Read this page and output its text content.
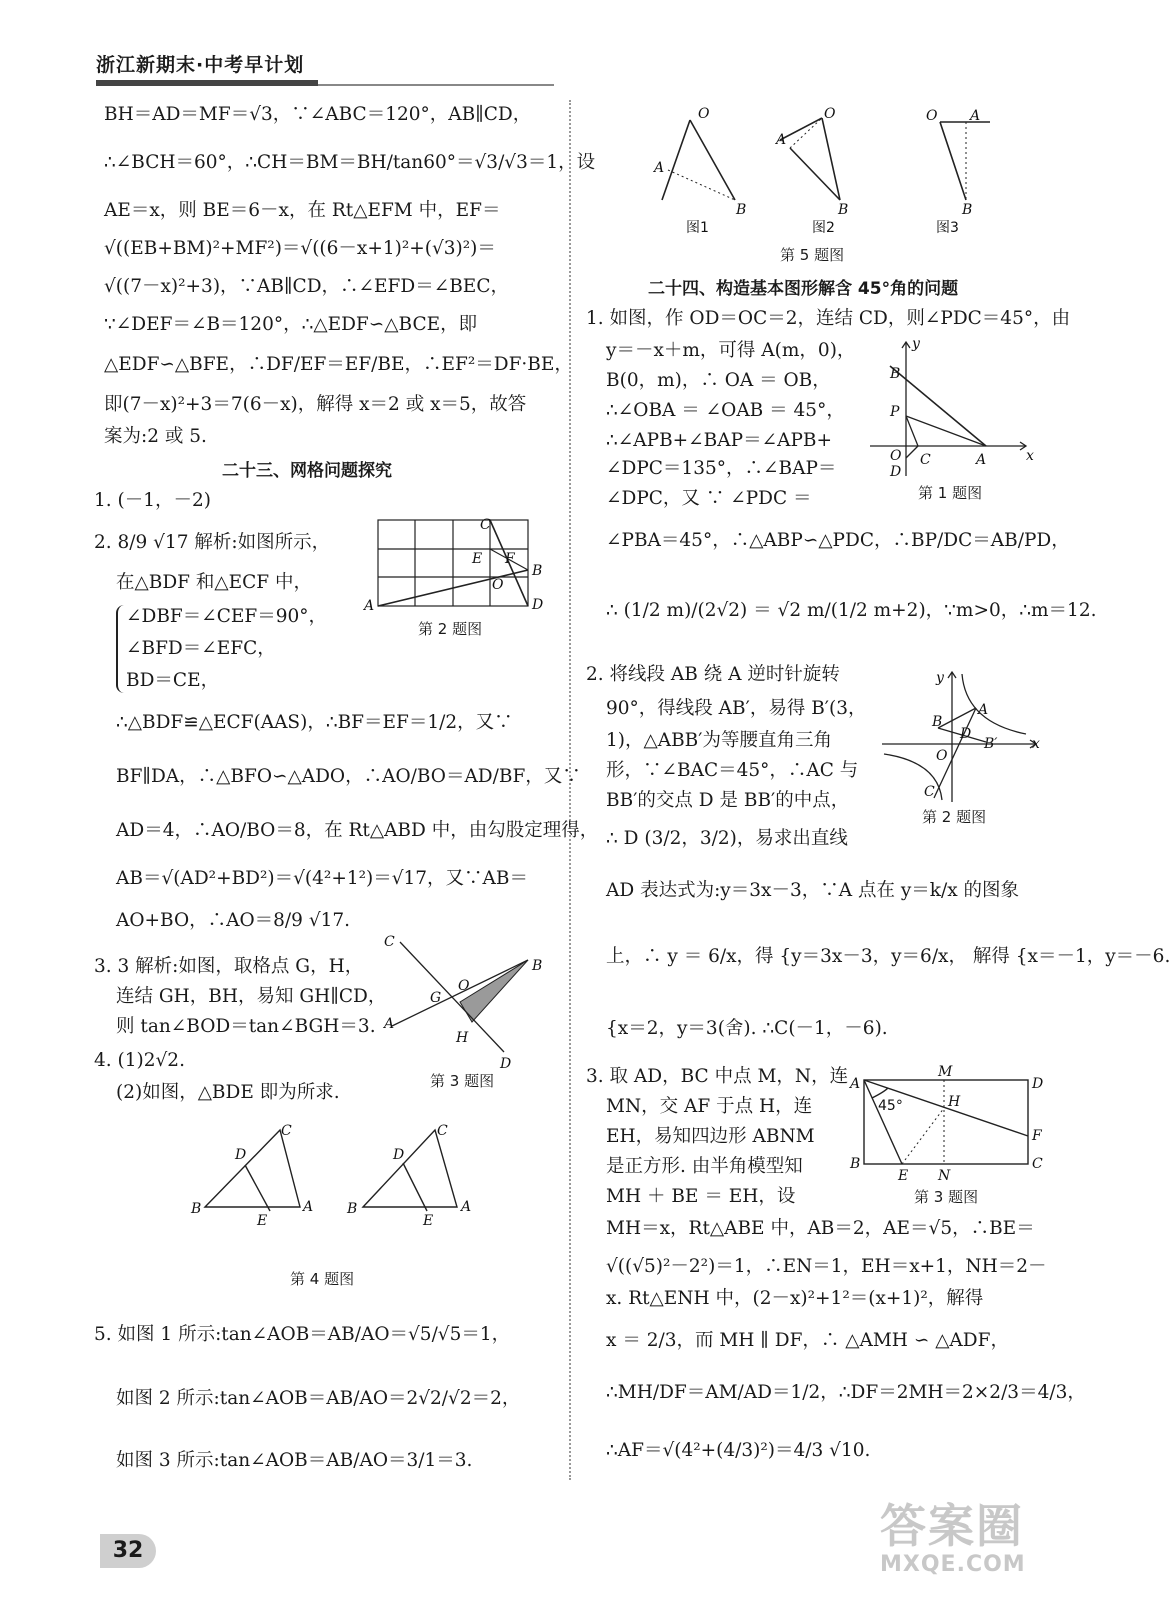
浙江新期末·中考早计划
BH＝AD＝MF＝√3，∵∠ABC＝120°，AB∥CD，
∴∠BCH＝60°，∴CH＝BM＝BH/tan60°＝√3/√3＝1，设
AE＝x，则 BE＝6－x，在 Rt△EFM 中，EF＝
√((EB+BM)²+MF²)＝√((6－x+1)²+(√3)²)＝
√((7－x)²+3)，∵AB∥CD，∴∠EFD＝∠BEC，
∵∠DEF＝∠B＝120°，∴△EDF∽△BCE，即
△EDF∽△BFE，∴DF/EF＝EF/BE，∴EF²＝DF·BE，
即(7－x)²+3＝7(6－x)，解得 x＝2 或 x＝5，故答
案为:2 或 5.
二十三、网格问题探究
1. (－1，－2)
2. 8/9 √17 解析:如图所示，
在△BDF 和△ECF 中，
∠DBF＝∠CEF＝90°，
∠BFD＝∠EFC，
BD＝CE，
∴△BDF≌△ECF(AAS)，∴BF＝EF＝1/2，又∵
BF∥DA，∴△BFO∽△ADO，∴AO/BO＝AD/BF，又∵
AD＝4，∴AO/BO＝8，在 Rt△ABD 中，由勾股定理得，
AB＝√(AD²+BD²)＝√(4²+1²)＝√17，又∵AB＝
AO+BO，∴AO＝8/9 √17.
3. 3 解析:如图，取格点 G，H，
连结 GH，BH，易知 GH∥CD，
则 tan∠BOD＝tan∠BGH＝3.
4. (1)2√2.
(2)如图，△BDE 即为所求.
5. 如图 1 所示:tan∠AOB＝AB/AO＝√5/√5＝1，
如图 2 所示:tan∠AOB＝AB/AO＝2√2/√2＝2，
如图 3 所示:tan∠AOB＝AB/AO＝3/1＝3.
A
B
C
D
E F
O
第 2 题图
C
B
A
D
G
O
H
第 3 题图
B
C
A
D
E
B
C
A
D
E
第 4 题图
O
A
B
O
A
B
O A
B
图1	图2	图3
第 5 题图
二十四、构造基本图形解含 45°角的问题
1. 如图，作 OD＝OC＝2，连结 CD，则∠PDC＝45°，由
y＝－x＋m，可得 A(m，0)，
B(0，m)，∴ OA ＝ OB，
∴∠OBA ＝ ∠OAB ＝ 45°，
∴∠APB+∠BAP＝∠APB+
∠DPC＝135°，∴∠BAP＝
∠DPC，又 ∵ ∠PDC ＝
∠PBA＝45°，∴△ABP∽△PDC，∴BP/DC＝AB/PD，
∴ (1/2 m)/(2√2) ＝ √2 m/(1/2 m+2)，∵m>0，∴m＝12.
2. 将线段 AB 绕 A 逆时针旋转
90°，得线段 AB′，易得 B′(3，
1)，△ABB′为等腰直角三角
形，∵∠BAC＝45°，∴AC 与
BB′的交点 D 是 BB′的中点，
∴ D (3/2，3/2)，易求出直线
AD 表达式为:y＝3x－3，∵A 点在 y＝k/x 的图象
上，∴ y ＝ 6/x，得 {y＝3x－3，y＝6/x， 解得 {x＝－1，y＝－6.
{x＝2，y＝3(舍). ∴C(－1，－6).
3. 取 AD，BC 中点 M，N，连
MN，交 AF 于点 H，连
EH，易知四边形 ABNM
是正方形. 由半角模型知
MH ＋ BE ＝ EH，设
MH＝x，Rt△ABE 中，AB＝2，AE＝√5，∴BE＝
√((√5)²－2²)＝1，∴EN＝1，EH＝x+1，NH＝2－
x. Rt△ENH 中，(2－x)²+1²＝(x+1)²，解得
x ＝ 2/3，而 MH ∥ DF，∴ △AMH ∽ △ADF，
∴MH/DF＝AM/AD＝1/2，∴DF＝2MH＝2×2/3＝4/3，
∴AF＝√(4²+(4/3)²)＝4/3 √10.
y
x
B
P
O
D
C	A
第 1 题图
y
x
B
A
O
D
B′
C
第 2 题图
A
M
D
F
C
B
E N
H
45°
第 3 题图
32	答案圈
MXQE.COM
